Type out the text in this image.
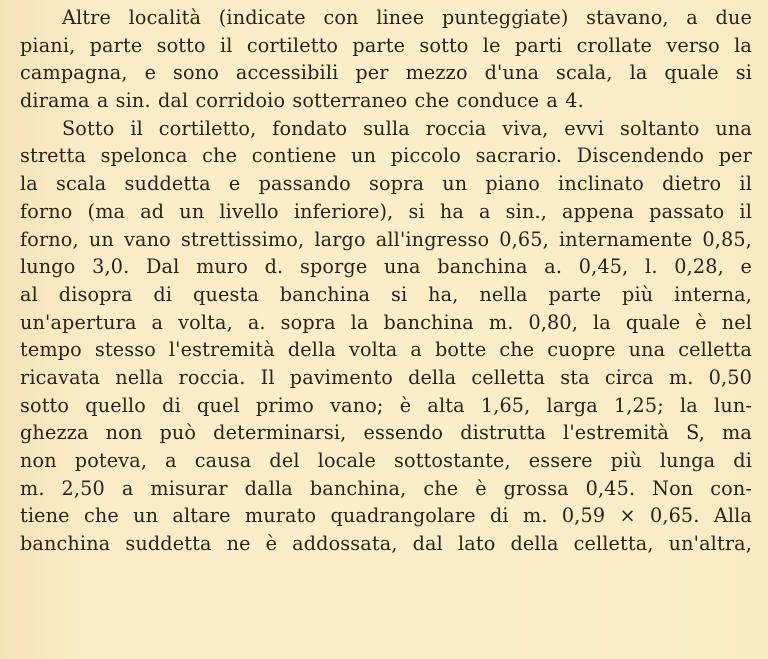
Altre località (indicate con linee punteggiate) stavano, a due
piani, parte sotto il cortiletto parte sotto le parti crollate verso la
campagna, e sono accessibili per mezzo d'una scala, la quale si
dirama a sin. dal corridoio sotterraneo che conduce a 4.
Sotto il cortiletto, fondato sulla roccia viva, evvi soltanto una
stretta spelonca che contiene un piccolo sacrario. Discendendo per
la scala suddetta e passando sopra un piano inclinato dietro il
forno (ma ad un livello inferiore), si ha a sin., appena passato il
forno, un vano strettissimo, largo all'ingresso 0,65, internamente 0,85,
lungo 3,0. Dal muro d. sporge una banchina a. 0,45, l. 0,28, e
al disopra di questa banchina si ha, nella parte più interna,
un'apertura a volta, a. sopra la banchina m. 0,80, la quale è nel
tempo stesso l'estremità della volta a botte che cuopre una celletta
ricavata nella roccia. Il pavimento della celletta sta circa m. 0,50
sotto quello di quel primo vano; è alta 1,65, larga 1,25; la lun-
ghezza non può determinarsi, essendo distrutta l'estremità S, ma
non poteva, a causa del locale sottostante, essere più lunga di
m. 2,50 a misurar dalla banchina, che è grossa 0,45. Non con-
tiene che un altare murato quadrangolare di m. 0,59 × 0,65. Alla
banchina suddetta ne è addossata, dal lato della celletta, un'altra,
